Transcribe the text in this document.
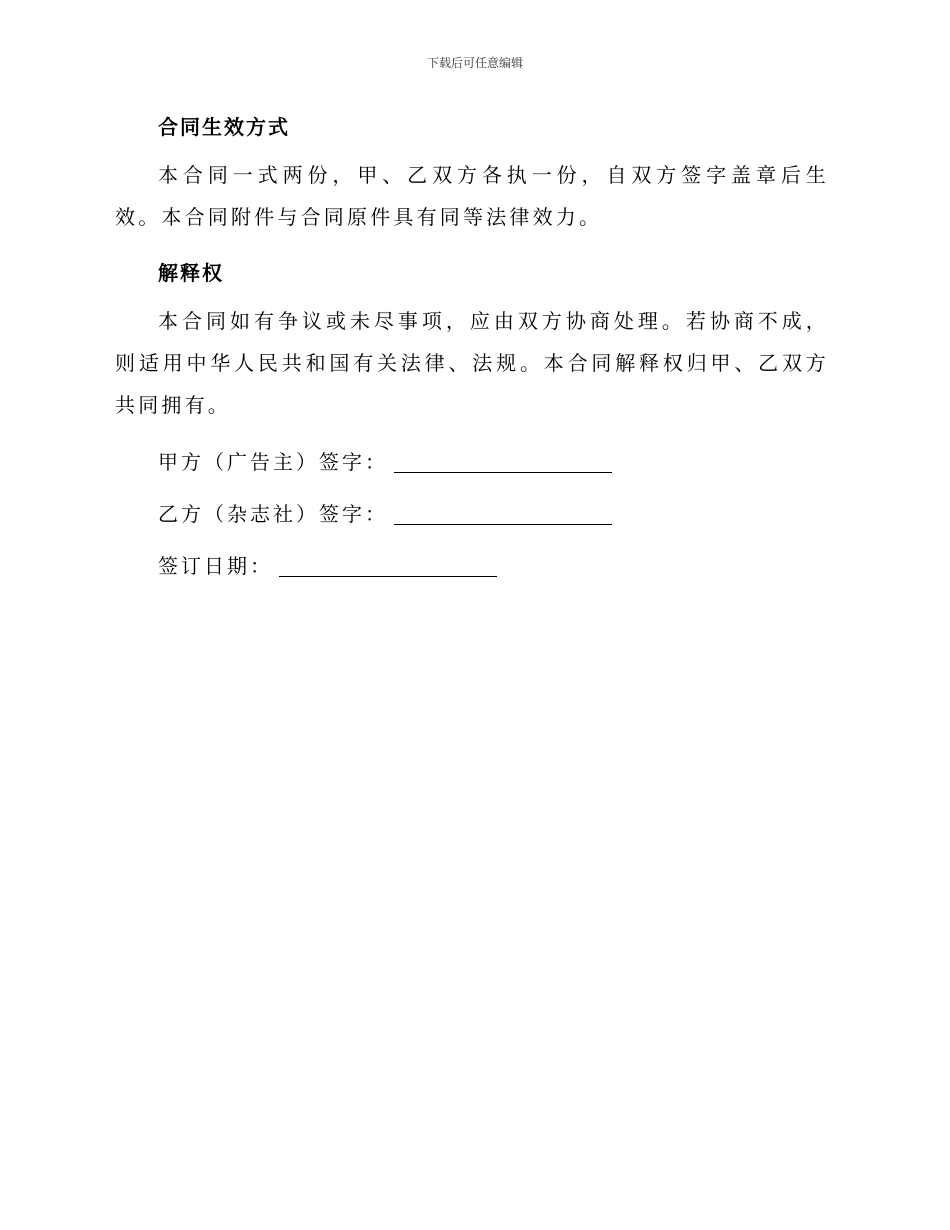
下载后可任意编辑
合同生效方式

本合同一式两份，甲、乙双方各执一份，自双方签字盖章后生效。本合同附件与合同原件具有同等法律效力。

解释权

本合同如有争议或未尽事项，应由双方协商处理。若协商不成，则适用中华人民共和国有关法律、法规。本合同解释权归甲、乙双方共同拥有。

甲方（广告主）签字：

乙方（杂志社）签字：

签订日期：
